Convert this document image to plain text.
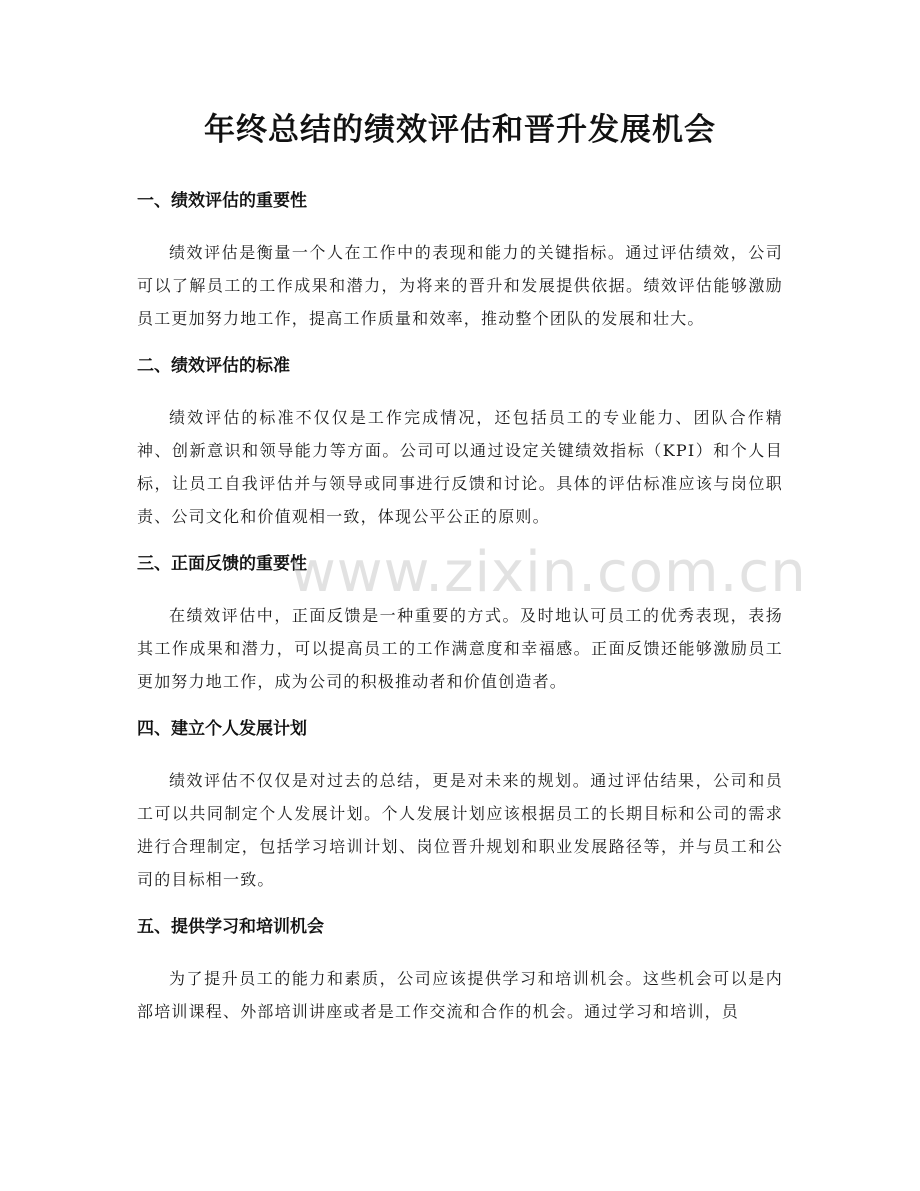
年终总结的绩效评估和晋升发展机会
一、绩效评估的重要性

绩效评估是衡量一个人在工作中的表现和能力的关键指标。通过评估绩效，公司可以了解员工的工作成果和潜力，为将来的晋升和发展提供依据。绩效评估能够激励员工更加努力地工作，提高工作质量和效率，推动整个团队的发展和壮大。

二、绩效评估的标准

绩效评估的标准不仅仅是工作完成情况，还包括员工的专业能力、团队合作精神、创新意识和领导能力等方面。公司可以通过设定关键绩效指标（KPI）和个人目标，让员工自我评估并与领导或同事进行反馈和讨论。具体的评估标准应该与岗位职责、公司文化和价值观相一致，体现公平公正的原则。

三、正面反馈的重要性

在绩效评估中，正面反馈是一种重要的方式。及时地认可员工的优秀表现，表扬其工作成果和潜力，可以提高员工的工作满意度和幸福感。正面反馈还能够激励员工更加努力地工作，成为公司的积极推动者和价值创造者。

四、建立个人发展计划

绩效评估不仅仅是对过去的总结，更是对未来的规划。通过评估结果，公司和员工可以共同制定个人发展计划。个人发展计划应该根据员工的长期目标和公司的需求进行合理制定，包括学习培训计划、岗位晋升规划和职业发展路径等，并与员工和公司的目标相一致。

五、提供学习和培训机会

为了提升员工的能力和素质，公司应该提供学习和培训机会。这些机会可以是内部培训课程、外部培训讲座或者是工作交流和合作的机会。通过学习和培训，员

www.zixin.com.cn
